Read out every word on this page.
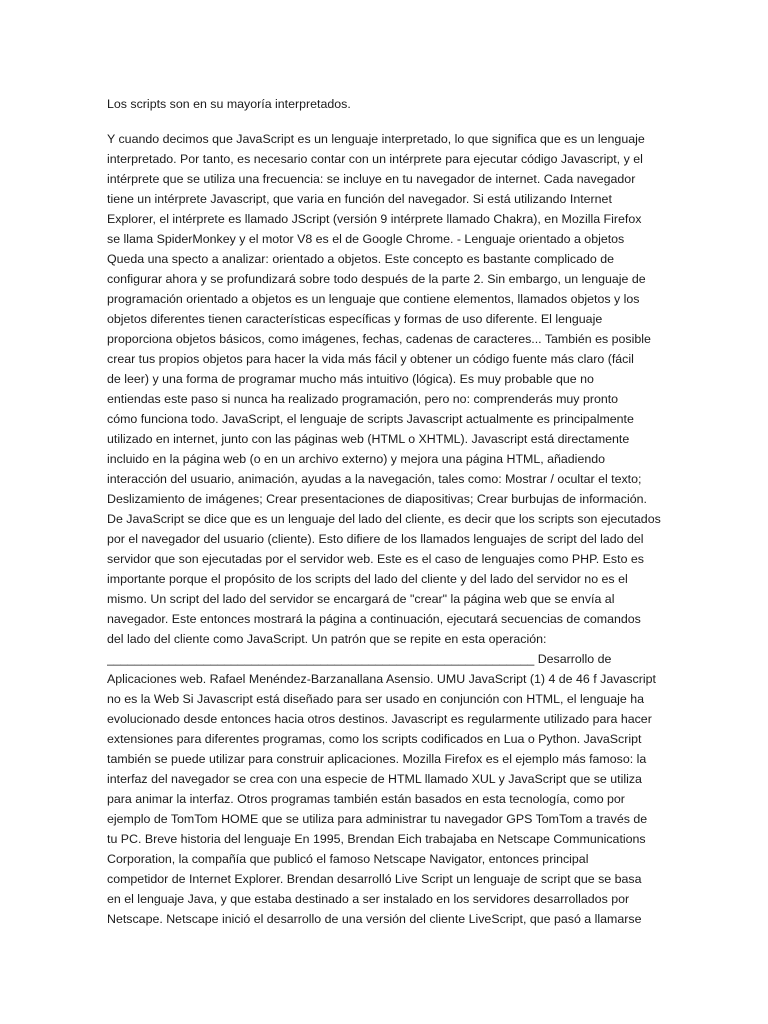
Los scripts son en su mayoría interpretados.

Y cuando decimos que JavaScript es un lenguaje interpretado, lo que significa que es un lenguaje
interpretado. Por tanto, es necesario contar con un intérprete para ejecutar código Javascript, y el
intérprete que se utiliza una frecuencia: se incluye en tu navegador de internet. Cada navegador
tiene un intérprete Javascript, que varia en función del navegador. Si está utilizando Internet
Explorer, el intérprete es llamado JScript (versión 9 intérprete llamado Chakra), en Mozilla Firefox
se llama SpiderMonkey y el motor V8 es el de Google Chrome. - Lenguaje orientado a objetos
Queda una specto a analizar: orientado a objetos. Este concepto es bastante complicado de
configurar ahora y se profundizará sobre todo después de la parte 2. Sin embargo, un lenguaje de
programación orientado a objetos es un lenguaje que contiene elementos, llamados objetos y los
objetos diferentes tienen características específicas y formas de uso diferente. El lenguaje
proporciona objetos básicos, como imágenes, fechas, cadenas de caracteres... También es posible
crear tus propios objetos para hacer la vida más fácil y obtener un código fuente más claro (fácil
de leer) y una forma de programar mucho más intuitivo (lógica). Es muy probable que no
entiendas este paso si nunca ha realizado programación, pero no: comprenderás muy pronto
cómo funciona todo. JavaScript, el lenguaje de scripts Javascript actualmente es principalmente
utilizado en internet, junto con las páginas web (HTML o XHTML). Javascript está directamente
incluido en la página web (o en un archivo externo) y mejora una página HTML, añadiendo
interacción del usuario, animación, ayudas a la navegación, tales como: Mostrar / ocultar el texto;
Deslizamiento de imágenes; Crear presentaciones de diapositivas; Crear burbujas de información.
De JavaScript se dice que es un lenguaje del lado del cliente, es decir que los scripts son ejecutados
por el navegador del usuario (cliente). Esto difiere de los llamados lenguajes de script del lado del
servidor que son ejecutadas por el servidor web. Este es el caso de lenguajes como PHP. Esto es
importante porque el propósito de los scripts del lado del cliente y del lado del servidor no es el
mismo. Un script del lado del servidor se encargará de "crear" la página web que se envía al
navegador. Este entonces mostrará la página a continuación, ejecutará secuencias de comandos
del lado del cliente como JavaScript. Un patrón que se repite en esta operación:
______________________________________________________________ Desarrollo de
Aplicaciones web. Rafael Menéndez-Barzanallana Asensio. UMU JavaScript (1) 4 de 46 f Javascript
no es la Web Si Javascript está diseñado para ser usado en conjunción con HTML, el lenguaje ha
evolucionado desde entonces hacia otros destinos. Javascript es regularmente utilizado para hacer
extensiones para diferentes programas, como los scripts codificados en Lua o Python. JavaScript
también se puede utilizar para construir aplicaciones. Mozilla Firefox es el ejemplo más famoso: la
interfaz del navegador se crea con una especie de HTML llamado XUL y JavaScript que se utiliza
para animar la interfaz. Otros programas también están basados en esta tecnología, como por
ejemplo de TomTom HOME que se utiliza para administrar tu navegador GPS TomTom a través de
tu PC. Breve historia del lenguaje En 1995, Brendan Eich trabajaba en Netscape Communications
Corporation, la compañía que publicó el famoso Netscape Navigator, entonces principal
competidor de Internet Explorer. Brendan desarrolló Live Script un lenguaje de script que se basa
en el lenguaje Java, y que estaba destinado a ser instalado en los servidores desarrollados por
Netscape. Netscape inició el desarrollo de una versión del cliente LiveScript, que pasó a llamarse
